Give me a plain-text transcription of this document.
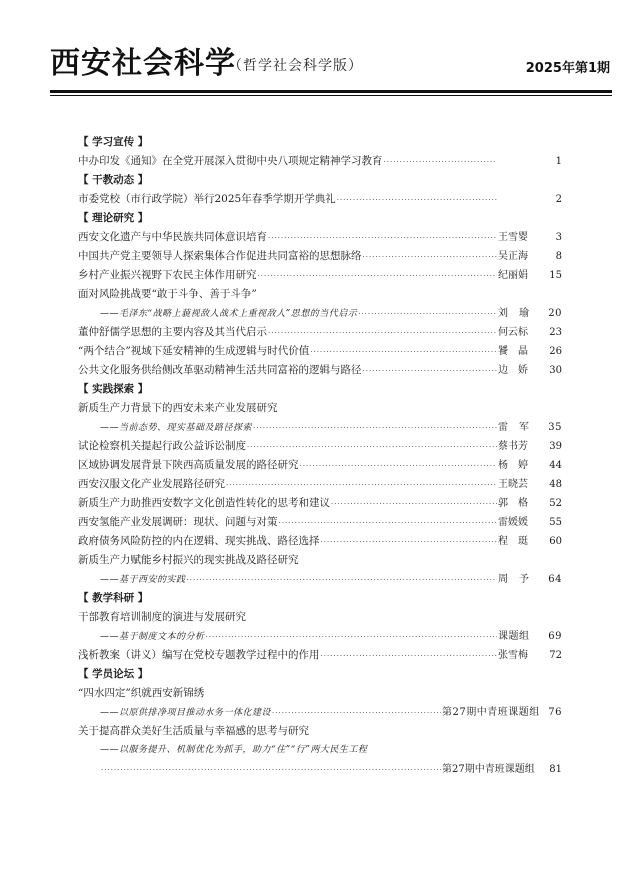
西安社会科学
（哲学社会科学版）	2025年第1期
【 学习宣传 】
中办印发《通知》在全党开展深入贯彻中央八项规定精神学习教育 ·····	1
【 干教动态 】
市委党校（市行政学院）举行2025年春季学期开学典礼 ·····	2
【 理论研究 】
西安文化遗产与中华民族共同体意识培育 ·····	王雪婴	3
中国共产党主要领导人探索集体合作促进共同富裕的思想脉络 ·····	吴正海	8
乡村产业振兴视野下农民主体作用研究 ·····	纪丽娟	15
面对风险挑战要“敢于斗争、善于斗争”
——毛泽东“战略上藐视敌人战术上重视敌人”思想的当代启示 ·····	刘　瑜	20
董仲舒儒学思想的主要内容及其当代启示 ·····	何云标	23
“两个结合”视域下延安精神的生成逻辑与时代价值 ·····	饕　晶	26
公共文化服务供给侧改革驱动精神生活共同富裕的逻辑与路径 ·····	边　娇	30
【 实践探索 】
新质生产力背景下的西安未来产业发展研究
——当前态势、现实基础及路径探索 ·····	雷　军	35
试论检察机关提起行政公益诉讼制度 ·····	蔡书芳	39
区域协调发展背景下陕西高质量发展的路径研究 ·····	杨　婷	44
西安汉服文化产业发展路径研究 ·····	王晓芸	48
新质生产力助推西安数字文化创造性转化的思考和建议 ·····	郭　格	52
西安氢能产业发展调研：现状、问题与对策 ·····	雷媛媛	55
政府债务风险防控的内在逻辑、现实挑战、路径选择 ·····	程　珽	60
新质生产力赋能乡村振兴的现实挑战及路径研究
——基于西安的实践 ·····	周　予	64
【 教学科研 】
干部教育培训制度的演进与发展研究
——基于制度文本的分析 ·····	课题组	69
浅析教案（讲义）编写在党校专题教学过程中的作用 ·····	张雪梅	72
【 学员论坛 】
“四水四定”织就西安新锦绣
——以原供排净项目推动水务一体化建设 ·····	第27期中青班课题组 76
关于提高群众美好生活质量与幸福感的思考与研究
——以服务提升、机制优化为抓手，助力“住”“行”两大民生工程
·····
第27期中青班课题组	81
